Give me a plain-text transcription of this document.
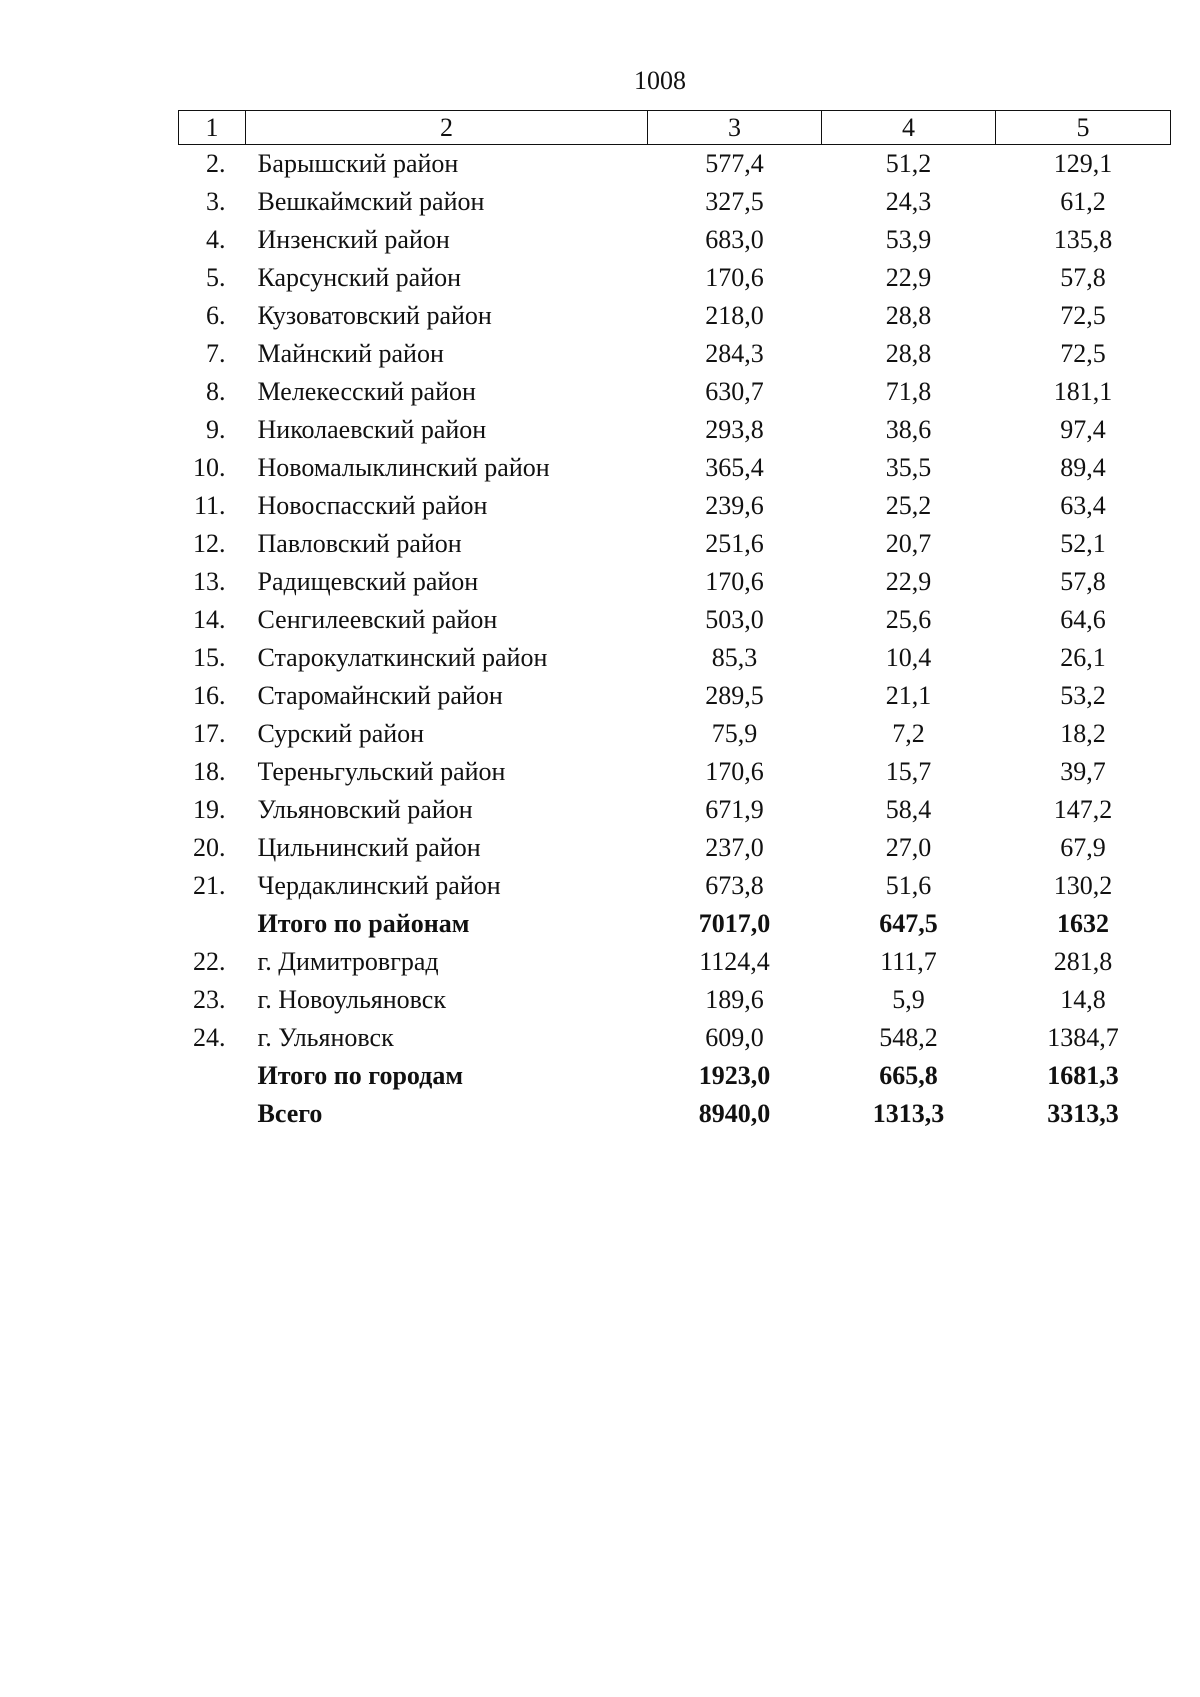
1008
1	2	3	4	5
2.	Барышский район	577,4	51,2	129,1
3.	Вешкаймский район	327,5	24,3	61,2
4.	Инзенский район	683,0	53,9	135,8
5.	Карсунский район	170,6	22,9	57,8
6.	Кузоватовский район	218,0	28,8	72,5
7.	Майнский район	284,3	28,8	72,5
8.	Мелекесский район	630,7	71,8	181,1
9.	Николаевский район	293,8	38,6	97,4
10.	Новомалыклинский район	365,4	35,5	89,4
11.	Новоспасский район	239,6	25,2	63,4
12.	Павловский район	251,6	20,7	52,1
13.	Радищевский район	170,6	22,9	57,8
14.	Сенгилеевский район	503,0	25,6	64,6
15.	Старокулаткинский район	85,3	10,4	26,1
16.	Старомайнский район	289,5	21,1	53,2
17.	Сурский район	75,9	7,2	18,2
18.	Тереньгульский район	170,6	15,7	39,7
19.	Ульяновский район	671,9	58,4	147,2
20.	Цильнинский район	237,0	27,0	67,9
21.	Чердаклинский район	673,8	51,6	130,2
	Итого по районам	7017,0	647,5	1632
22.	г. Димитровград	1124,4	111,7	281,8
23.	г. Новоульяновск	189,6	5,9	14,8
24.	г. Ульяновск	609,0	548,2	1384,7
	Итого по городам	1923,0	665,8	1681,3
	Всего	8940,0	1313,3	3313,3
